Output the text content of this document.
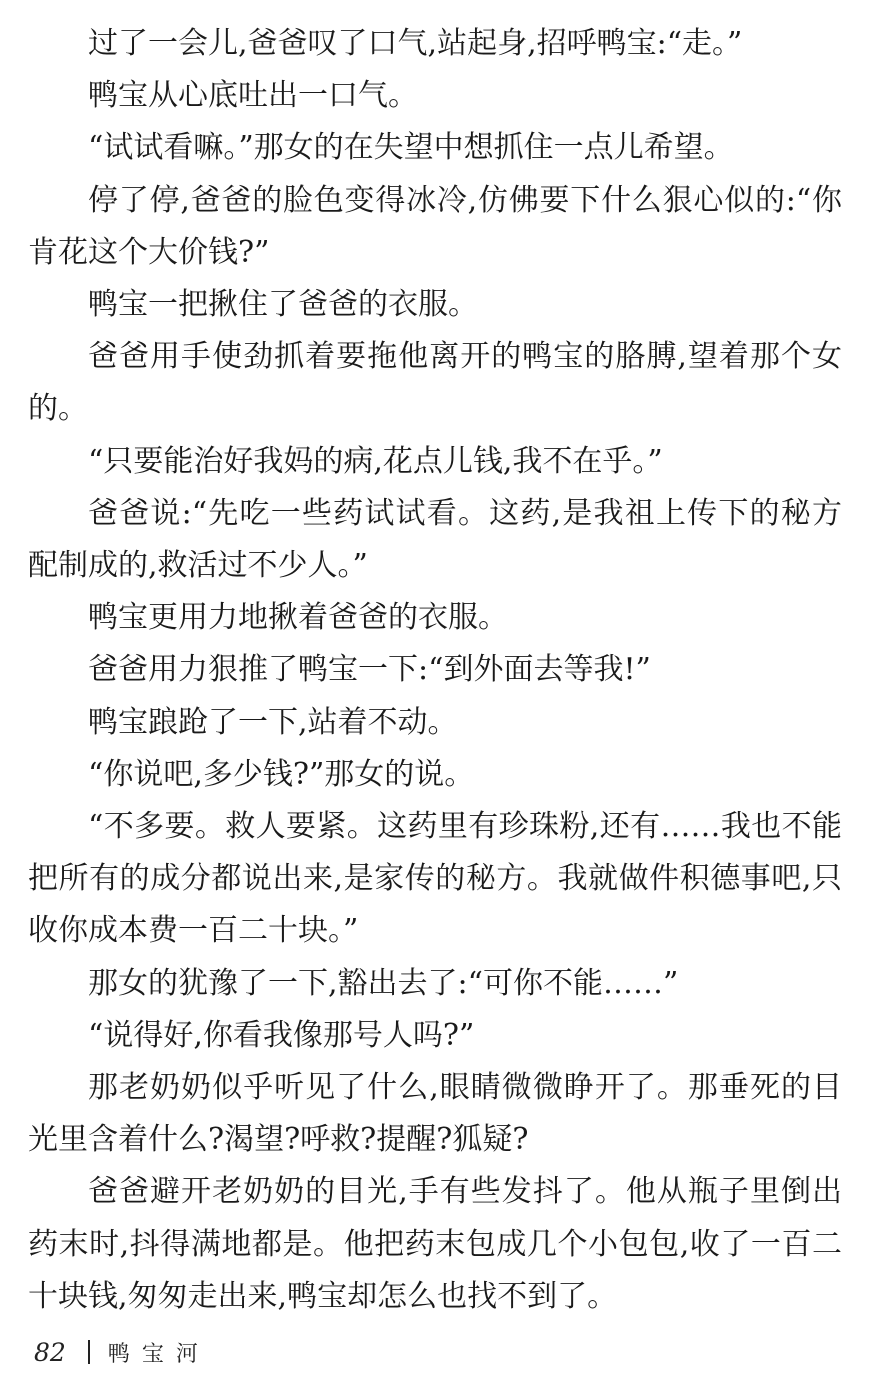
过了一会儿,爸爸叹了口气,站起身,招呼鸭宝:“走。”

鸭宝从心底吐出一口气。

“试试看嘛。”那女的在失望中想抓住一点儿希望。

停了停,爸爸的脸色变得冰冷,仿佛要下什么狠心似的:“你肯花这个大价钱?”

鸭宝一把揪住了爸爸的衣服。

爸爸用手使劲抓着要拖他离开的鸭宝的胳膊,望着那个女的。

“只要能治好我妈的病,花点儿钱,我不在乎。”

爸爸说:“先吃一些药试试看。这药,是我祖上传下的秘方配制成的,救活过不少人。”

鸭宝更用力地揪着爸爸的衣服。

爸爸用力狠推了鸭宝一下:“到外面去等我!”

鸭宝踉跄了一下,站着不动。

“你说吧,多少钱?”那女的说。

“不多要。救人要紧。这药里有珍珠粉,还有……我也不能把所有的成分都说出来,是家传的秘方。我就做件积德事吧,只收你成本费一百二十块。”

那女的犹豫了一下,豁出去了:“可你不能……”

“说得好,你看我像那号人吗?”

那老奶奶似乎听见了什么,眼睛微微睁开了。那垂死的目光里含着什么?渴望?呼救?提醒?狐疑?

爸爸避开老奶奶的目光,手有些发抖了。他从瓶子里倒出药末时,抖得满地都是。他把药末包成几个小包包,收了一百二十块钱,匆匆走出来,鸭宝却怎么也找不到了。

82 鸭宝河
